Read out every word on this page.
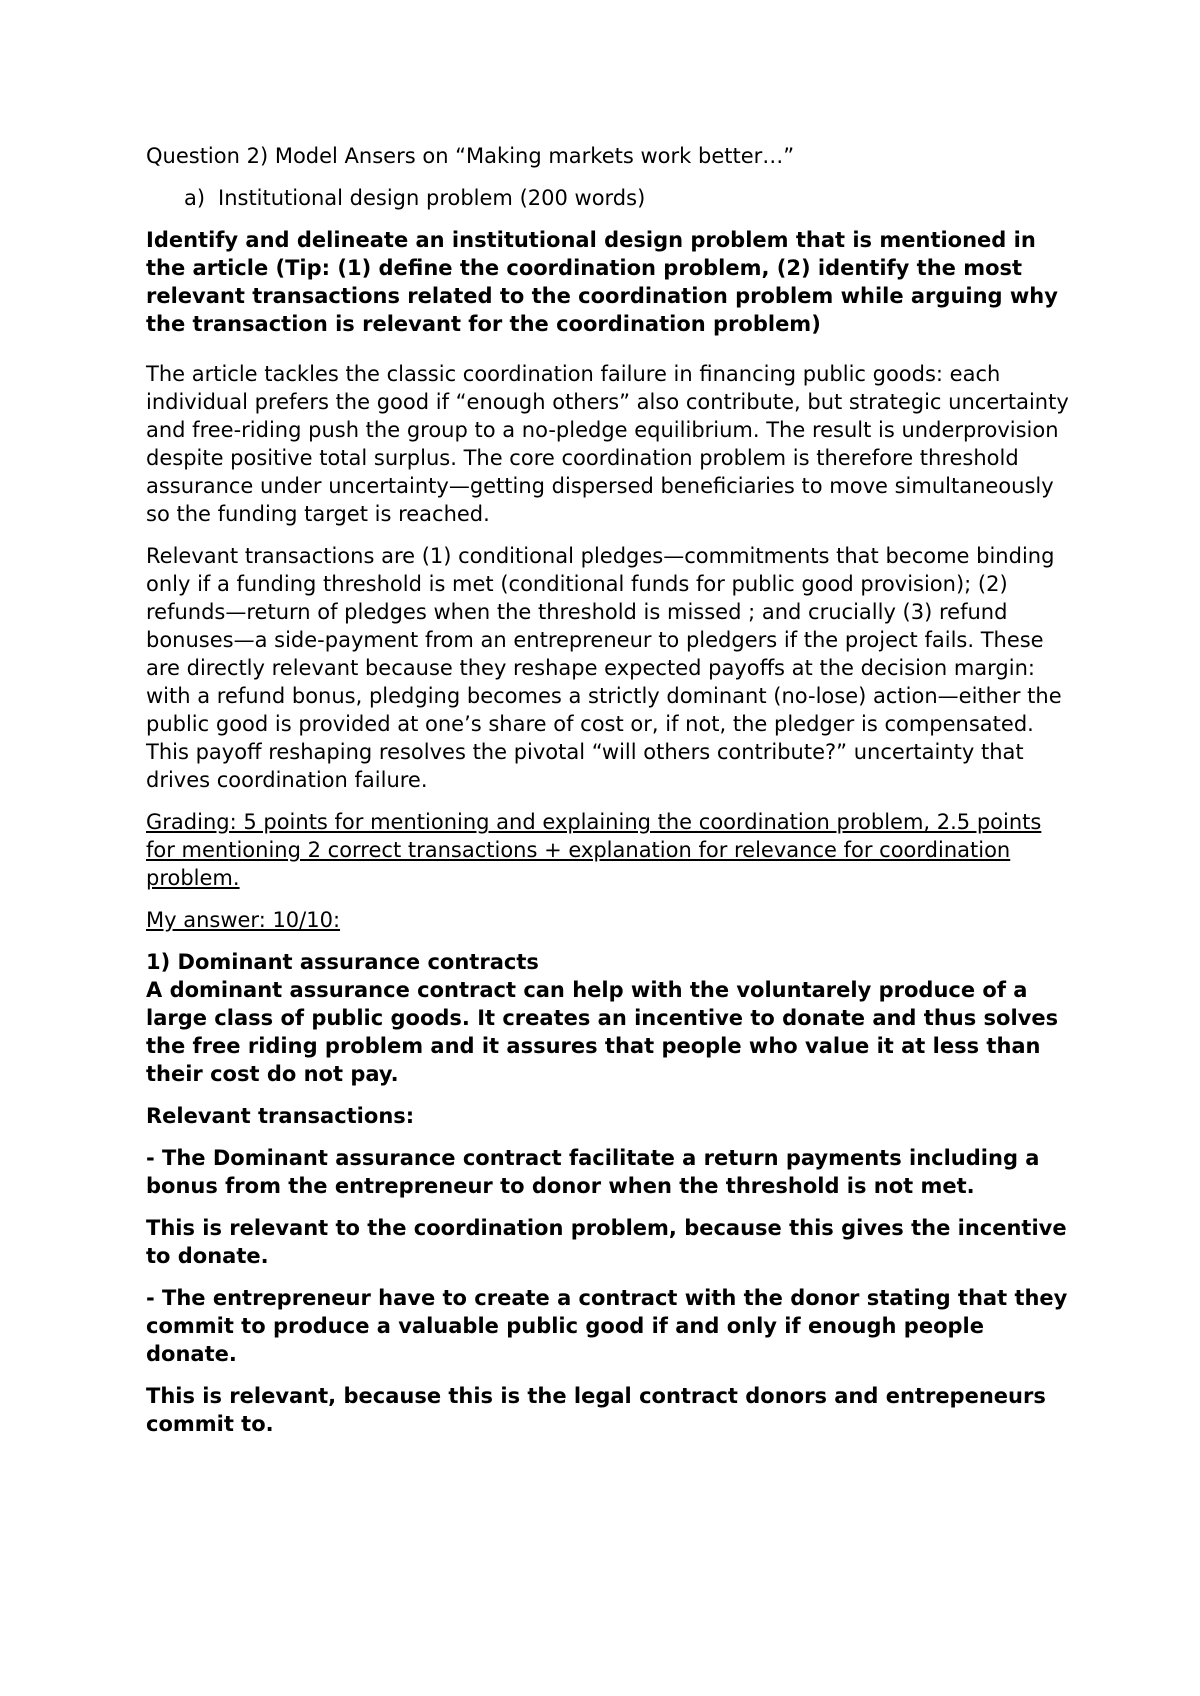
Question 2) Model Ansers on “Making markets work better…”

a) Institutional design problem (200 words)

Identify and delineate an institutional design problem that is mentioned in the article (Tip: (1) define the coordination problem, (2) identify the most relevant transactions related to the coordination problem while arguing why the transaction is relevant for the coordination problem)

The article tackles the classic coordination failure in financing public goods: each individual prefers the good if “enough others” also contribute, but strategic uncertainty and free-riding push the group to a no-pledge equilibrium. The result is underprovision despite positive total surplus. The core coordination problem is therefore threshold assurance under uncertainty—getting dispersed beneficiaries to move simultaneously so the funding target is reached.

Relevant transactions are (1) conditional pledges—commitments that become binding only if a funding threshold is met (conditional funds for public good provision); (2) refunds—return of pledges when the threshold is missed ; and crucially (3) refund bonuses—a side-payment from an entrepreneur to pledgers if the project fails. These are directly relevant because they reshape expected payoffs at the decision margin: with a refund bonus, pledging becomes a strictly dominant (no-lose) action—either the public good is provided at one’s share of cost or, if not, the pledger is compensated. This payoff reshaping resolves the pivotal “will others contribute?” uncertainty that drives coordination failure.

Grading: 5 points for mentioning and explaining the coordination problem, 2.5 points for mentioning 2 correct transactions + explanation for relevance for coordination problem.

My answer: 10/10:

1) Dominant assurance contracts

A dominant assurance contract can help with the voluntarely produce of a large class of public goods. It creates an incentive to donate and thus solves the free riding problem and it assures that people who value it at less than their cost do not pay.

Relevant transactions:

- The Dominant assurance contract facilitate a return payments including a bonus from the entrepreneur to donor when the threshold is not met.

This is relevant to the coordination problem, because this gives the incentive to donate.

- The entrepreneur have to create a contract with the donor stating that they commit to produce a valuable public good if and only if enough people donate.

This is relevant, because this is the legal contract donors and entrepeneurs commit to.
